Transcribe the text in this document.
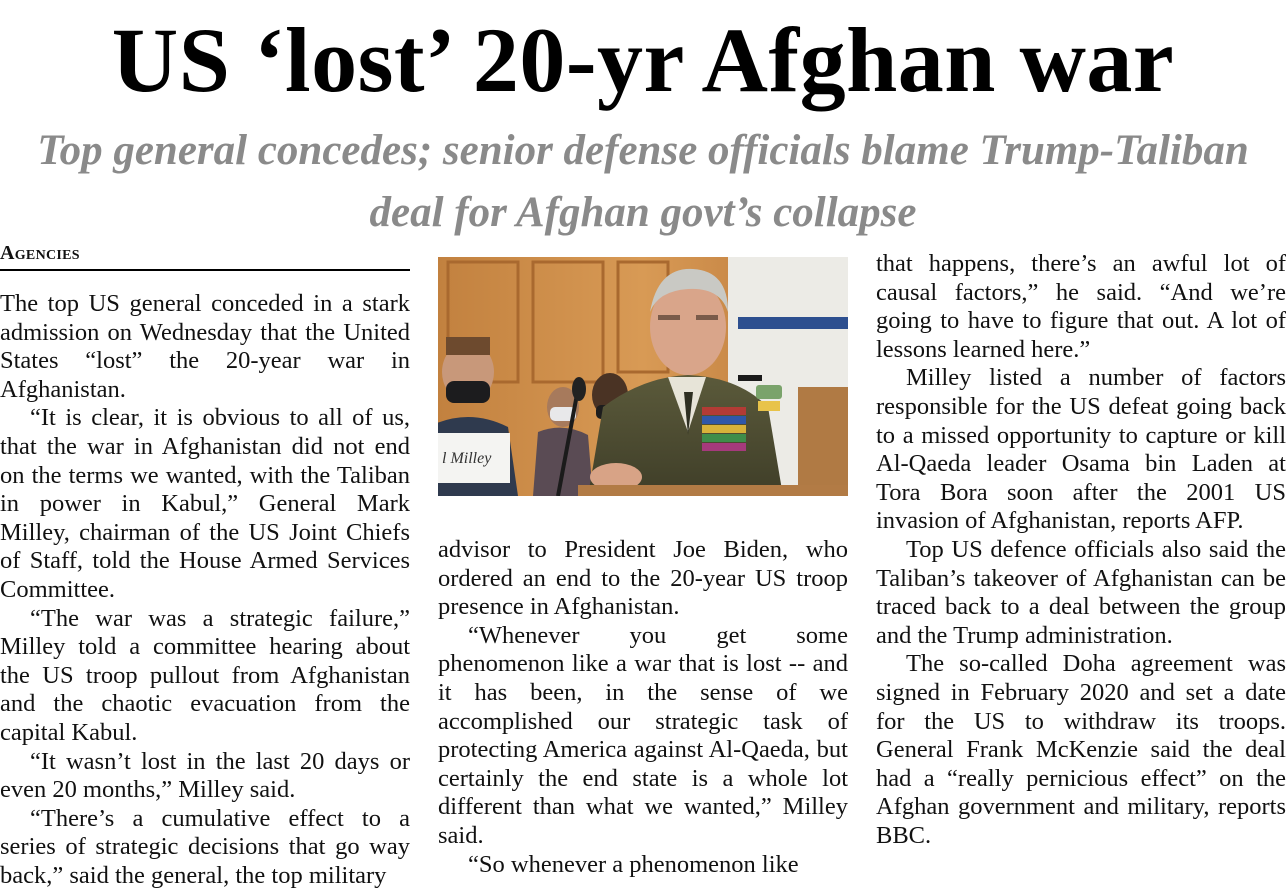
US ‘lost’ 20-yr Afghan war
Top general concedes; senior defense officials blame Trump-Taliban deal for Afghan govt’s collapse
Agencies

The top US general conceded in a stark admission on Wednesday that the United States “lost” the 20-year war in Afghanistan.

“It is clear, it is obvious to all of us, that the war in Afghanistan did not end on the terms we wanted, with the Taliban in power in Kabul,” General Mark Milley, chairman of the US Joint Chiefs of Staff, told the House Armed Services Committee.

“The war was a strategic failure,” Milley told a committee hearing about the US troop pullout from Afghanistan and the chaotic evacuation from the capital Kabul.

“It wasn’t lost in the last 20 days or even 20 months,” Milley said.

“There’s a cumulative effect to a series of strategic decisions that go way back,” said the general, the top military

l Milley

advisor to President Joe Biden, who ordered an end to the 20-year US troop presence in Afghanistan.

“Whenever you get some phenomenon like a war that is lost -- and it has been, in the sense of we accomplished our strategic task of protecting America against Al-Qaeda, but certainly the end state is a whole lot different than what we wanted,” Milley said.

“So whenever a phenomenon like

that happens, there’s an awful lot of causal factors,” he said. “And we’re going to have to figure that out. A lot of lessons learned here.”

Milley listed a number of factors responsible for the US defeat going back to a missed opportunity to capture or kill Al-Qaeda leader Osama bin Laden at Tora Bora soon after the 2001 US invasion of Afghanistan, reports AFP.

Top US defence officials also said the Taliban’s takeover of Afghanistan can be traced back to a deal between the group and the Trump administration.

The so-called Doha agreement was signed in February 2020 and set a date for the US to withdraw its troops. General Frank McKenzie said the deal had a “really pernicious effect” on the Afghan government and military, reports BBC.
